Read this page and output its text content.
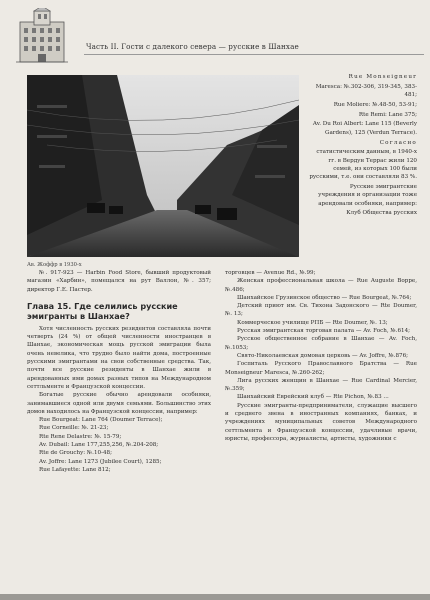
Часть II. Гости с далекого севера — русские в Шанхае
Ав. Жоффр в 1930-х

Rue Monseigneur

Maresca: №.302-306, 319-345, 383-481;

Rue Moliere: №.48-50, 53-91;

Rte Remi: Lane 375;

Av. Du Roi Albert: Lane 115 (Beverly Gardens), 125 (Verdun Terrace).

Согласно

статистическим данным, в 1940-х гг. в Вердун Террас жили 120 семей, из которых 100 были русскими, т.е. они составляли 83 %.

Русские эмигрантские учреждения и организации тоже арендовали особняки, например:

Клуб Общества русских

№. 917-923 — Harbin Food Store, бывший продуктовый магазин «Харбин», помещался на рут Валлон, №. 357; директор Г.Е. Пастер.

Глава 15. Где селились русские эмигранты в Шанхае?

Хотя численность русских резидентов составляла почти четверть (24 %) от общей численности иностранцев в Шанхае, экономическая мощь русской эмиграции была очень невелика, что трудно было найти дома, построенные русскими эмигрантами на свои собственные средства. Так, почти все русские резиденты в Шанхае жили в арендованных ими домах разных типов на Международном сеттльменте и Французской концессии.

Богатые русские обычно арендовали особняки, занимавшиеся одной или двумя семьями. Большинство этих домов находилось на Французской концессии, например:

Rue Bourgeat: Lane 764 (Doumer Terrace);

Rue Corneille: №. 21-23;

Rte Rene Delastre: №. 15-79;

Av. Dubail: Lane 177,255,256, №.204-208;

Rte de Grouchy: №.10-48;

Av. Joffre: Lane 1273 (Jubilee Court), 1285;

Rue Lafayette: Lane 812;

торговцев — Avenue Rd., №.99;

Женская профессиональная школа — Rue Auguste Boppe, №.486;

Шанхайское Грузинское общество — Rue Bourgeat, №.764;

Детский приют им. Св. Тихона Задонского — Rte Doumer, №. 13;

Коммерческое училище РПБ — Rte Doumer, №. 13;

Русская эмигрантская торговая палата — Av. Foch, №.614;

Русское общественное собрание в Шанхае — Av. Foch, №.1053;

Свято-Николаевская домовая церковь — Av. Joffre, №.876;

Госпиталь Русского Православного Братства — Rue Monseigneur Maresca, №.260-262;

Лига русских женщин в Шанхае — Rue Cardinal Mercier, №.359;

Шанхайский Еврейский клуб — Rte Pichon, №.83 ...

Русские эмигранты-предприниматели, служащие высшего и среднего звена в иностранных компаниях, банках, и учреждениях муниципальных советов Международного сеттльмента и Французской концессии, удачливые врачи, юристы, профессора, журналисты, артисты, художники с
